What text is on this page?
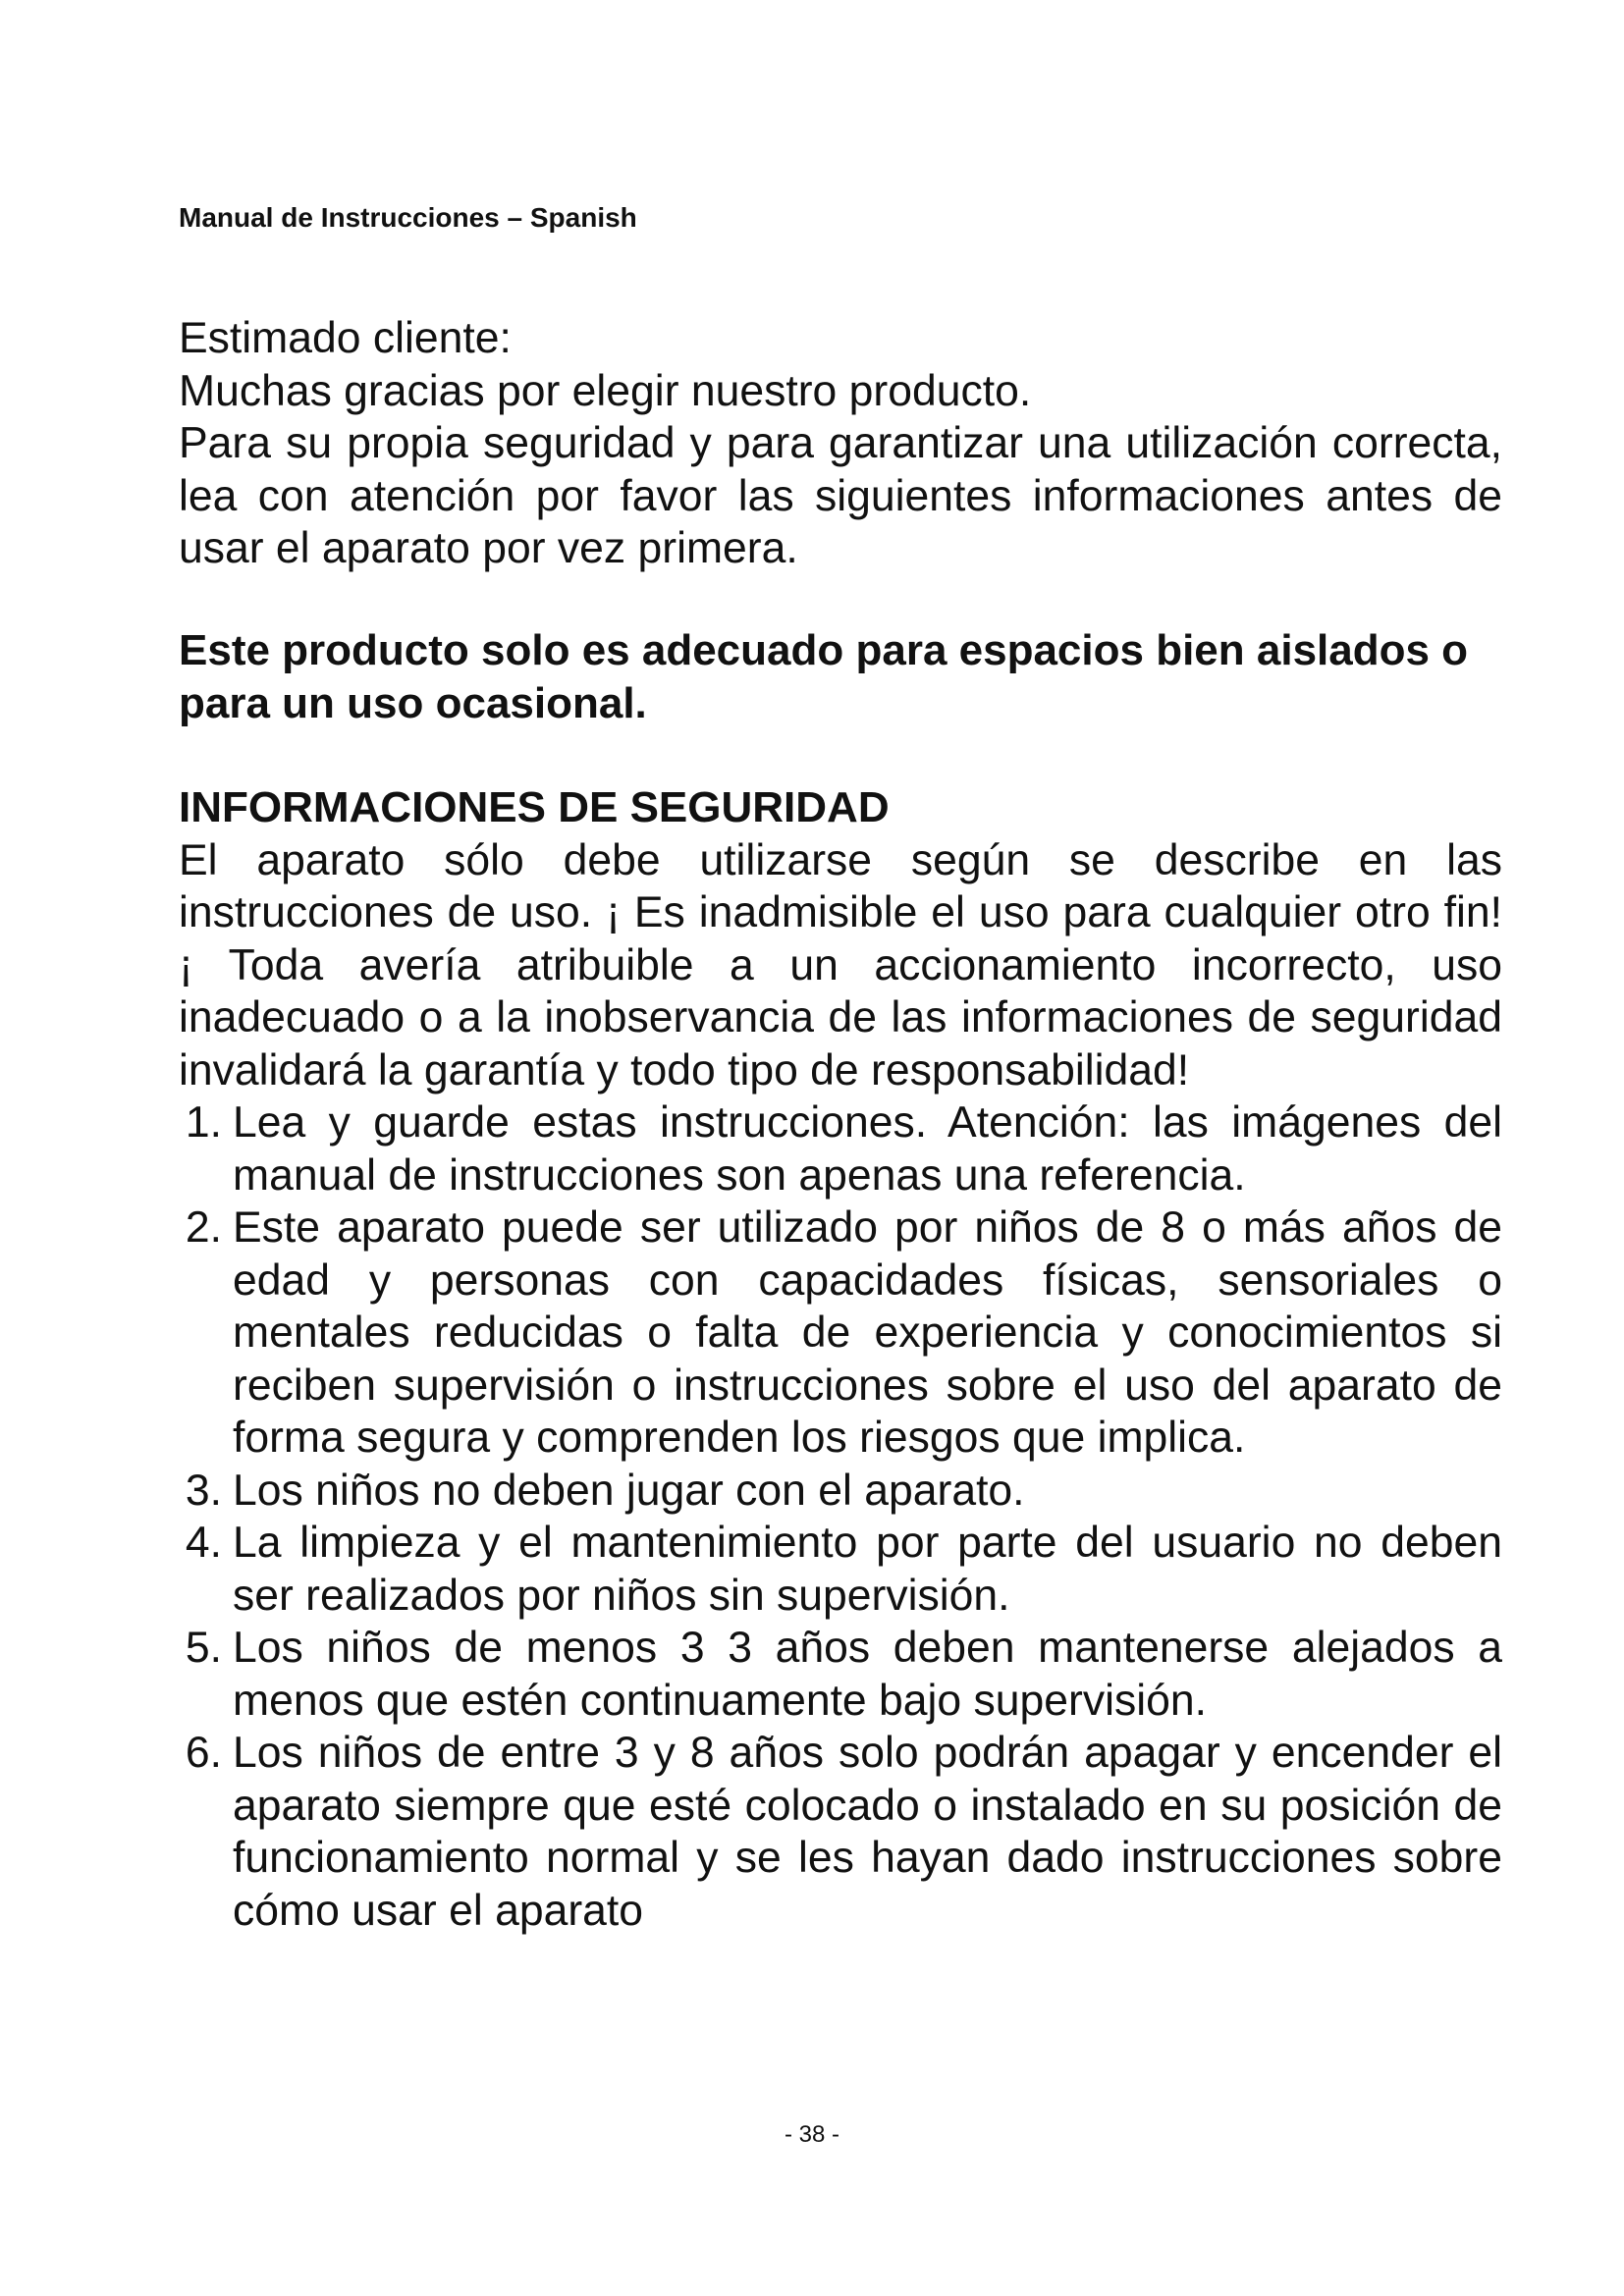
Manual de Instrucciones – Spanish

Estimado cliente:

Muchas gracias por elegir nuestro producto.

Para su propia seguridad y para garantizar una utilización correcta, lea con atención por favor las siguientes informaciones antes de usar el aparato por vez primera.

Este producto solo es adecuado para espacios bien aislados o para un uso ocasional.

INFORMACIONES DE SEGURIDAD

El aparato sólo debe utilizarse según se describe en las instrucciones de uso. ¡ Es inadmisible el uso para cualquier otro fin! ¡ Toda avería atribuible a un accionamiento incorrecto, uso inadecuado o a la inobservancia de las informaciones de seguridad invalidará la garantía y todo tipo de responsabilidad!

1. Lea y guarde estas instrucciones. Atención: las imágenes del manual de instrucciones son apenas una referencia.
2. Este aparato puede ser utilizado por niños de 8 o más años de edad y personas con capacidades físicas, sensoriales o mentales reducidas o falta de experiencia y conocimientos si reciben supervisión o instrucciones sobre el uso del aparato de forma segura y comprenden los riesgos que implica.
3. Los niños no deben jugar con el aparato.
4. La limpieza y el mantenimiento por parte del usuario no deben ser realizados por niños sin supervisión.
5. Los niños de menos 3 3 años deben mantenerse alejados a menos que estén continuamente bajo supervisión.
6. Los niños de entre 3 y 8 años solo podrán apagar y encender el aparato siempre que esté colocado o instalado en su posición de funcionamiento normal y se les hayan dado instrucciones sobre cómo usar el aparato
- 38 -
